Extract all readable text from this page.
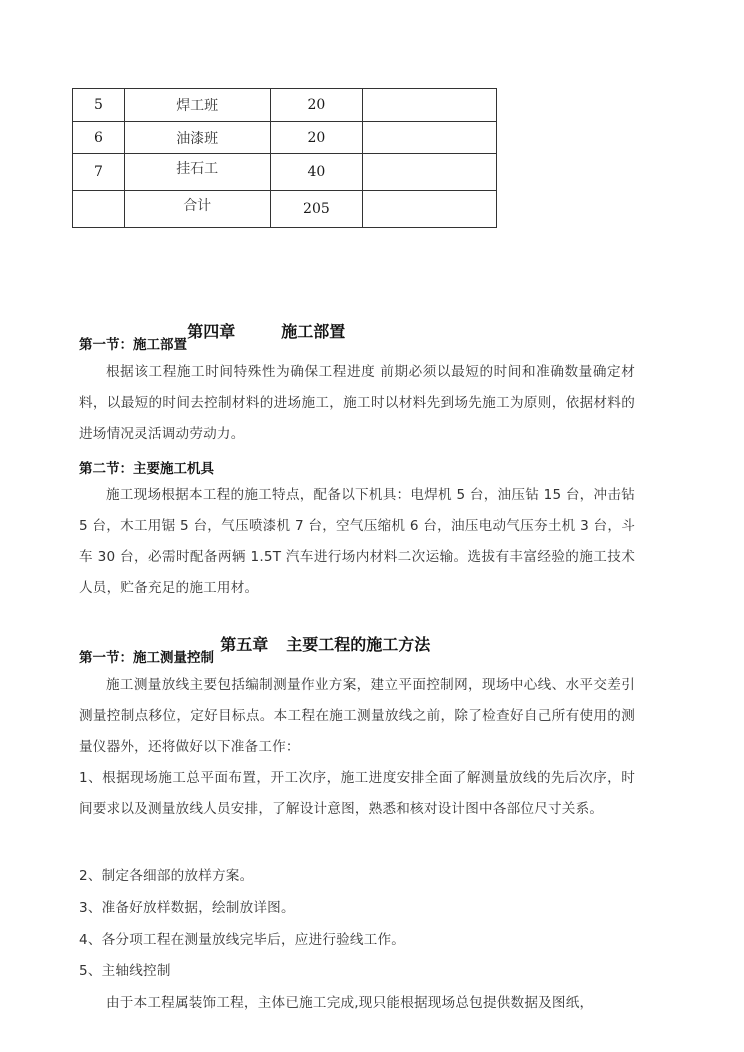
5	焊工班	20	
6	油漆班	20	
7	挂石工	40	
	合计	205	

第四章	施工部置

第一节：施工部置
根据该工程施工时间特殊性为确保工程进度 前期必须以最短的时间和准确数量确定材料，以最短的时间去控制材料的进场施工，施工时以材料先到场先施工为原则，依据材料的进场情况灵活调动劳动力。
第二节：主要施工机具
施工现场根据本工程的施工特点，配备以下机具：电焊机 5 台，油压钻 15 台，冲击钻 5 台，木工用锯 5 台，气压喷漆机 7 台，空气压缩机 6 台，油压电动气压夯土机 3 台，斗车 30 台，必需时配备两辆 1.5T 汽车进行场内材料二次运输。选拔有丰富经验的施工技术人员，贮备充足的施工用材。

第五章 主要工程的施工方法

第一节：施工测量控制
施工测量放线主要包括编制测量作业方案，建立平面控制网，现场中心线、水平交差引测量控制点移位，定好目标点。本工程在施工测量放线之前，除了检查好自己所有使用的测量仪器外，还将做好以下准备工作：
1、根据现场施工总平面布置，开工次序，施工进度安排全面了解测量放线的先后次序，时间要求以及测量放线人员安排，了解设计意图，熟悉和核对设计图中各部位尺寸关系。
2、制定各细部的放样方案。
3、准备好放样数据，绘制放详图。
4、各分项工程在测量放线完毕后，应进行验线工作。
5、主轴线控制
由于本工程属装饰工程，主体已施工完成,现只能根据现场总包提供数据及图纸，
